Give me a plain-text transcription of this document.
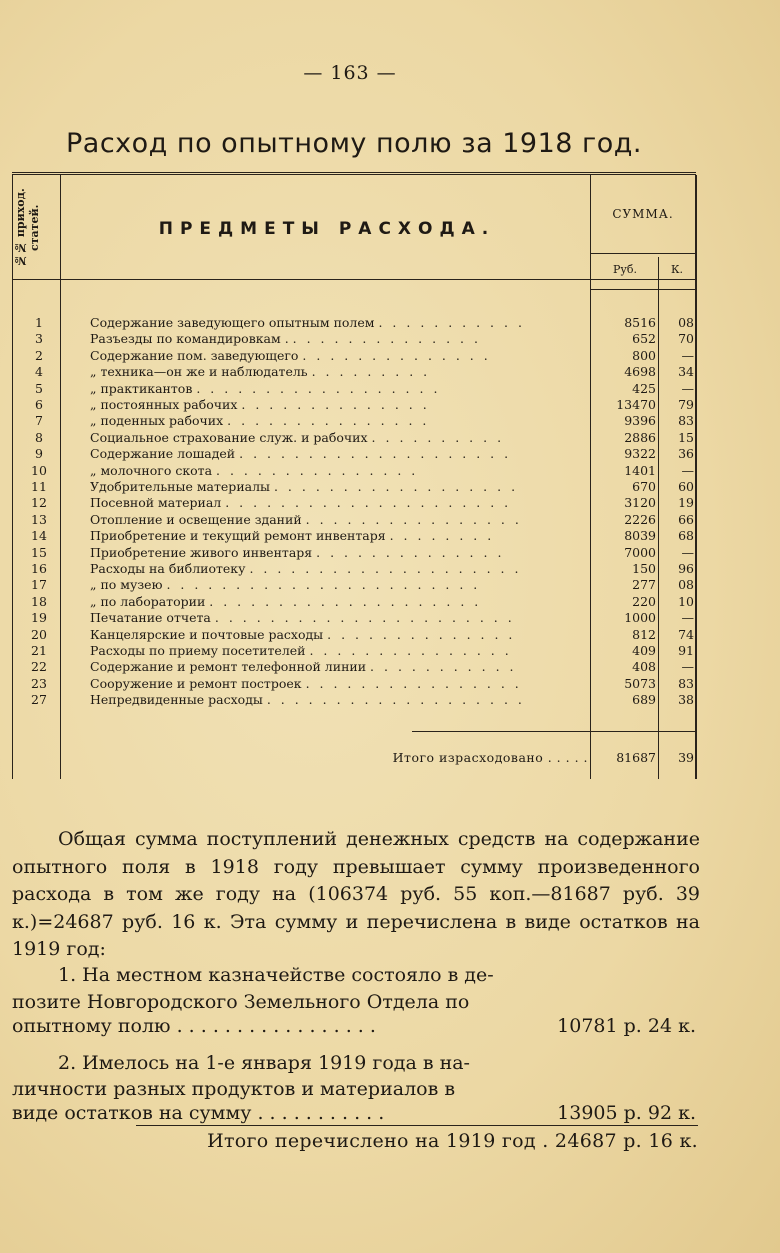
— 163 —
Расход по опытному полю за 1918 год.
№№ приход. статей.	ПРЕДМЕТЫ РАСХОДА.
СУММА.
Руб.	К.
1	Содержание заведующего опытным полем . . . . . . . . . . .	8516	08
3	Разъезды по командировкам . . . . . . . . . . . . . . .	652	70
2	Содержание пом. заведующего . . . . . . . . . . . . . .	800	—
4	„ техника—он же и наблюдатель . . . . . . . . .	4698	34
5	„ практикантов . . . . . . . . . . . . . . . . . .	425	—
6	„ постоянных рабочих . . . . . . . . . . . . . .	13470	79
7	„ поденных рабочих . . . . . . . . . . . . . . .	9396	83
8	Социальное страхование служ. и рабочих . . . . . . . . . .	2886	15
9	Содержание лошадей . . . . . . . . . . . . . . . . . . . .	9322	36
10	„ молочного скота . . . . . . . . . . . . . . .	1401	—
11	Удобрительные материалы . . . . . . . . . . . . . . . . . .	670	60
12	Посевной материал . . . . . . . . . . . . . . . . . . . . .	3120	19
13	Отопление и освещение зданий . . . . . . . . . . . . . . . .	2226	66
14	Приобретение и текущий ремонт инвентаря . . . . . . . .	8039	68
15	Приобретение живого инвентаря . . . . . . . . . . . . . .	7000	—
16	Расходы на библиотеку . . . . . . . . . . . . . . . . . . . .	150	96
17	„ по музею . . . . . . . . . . . . . . . . . . . . . . .	277	08
18	„ по лаборатории . . . . . . . . . . . . . . . . . . . .	220	10
19	Печатание отчета . . . . . . . . . . . . . . . . . . . . . .	1000	—
20	Канцелярские и почтовые расходы . . . . . . . . . . . . . .	812	74
21	Расходы по приему посетителей . . . . . . . . . . . . . . .	409	91
22	Содержание и ремонт телефонной линии . . . . . . . . . . .	408	—
23	Сооружение и ремонт построек . . . . . . . . . . . . . . . .	5073	83
27	Непредвиденные расходы . . . . . . . . . . . . . . . . . . .	689	38
Итого израсходовано . . . . .	81687	39

Общая сумма поступлений денежных средств на содержание опытного поля в 1918 году превышает сумму произведенного расхода в том же году на (106374 руб. 55 коп.—81687 руб. 39 к.)=24687 руб. 16 к. Эта сумму и перечислена в виде остатков на 1919 год:

1. На местном казначействе состояло в де-
позите Новгородского Земельного Отдела по
опытному полю . . . . . . . . . . . . . . . . .	10781 р. 24 к.
2. Имелось на 1-е января 1919 года в на-
личности разных продуктов и материалов в
виде остатков на сумму . . . . . . . . . . .	13905 р. 92 к.
Итого перечислено на 1919 год . 24687 р. 16 к.
